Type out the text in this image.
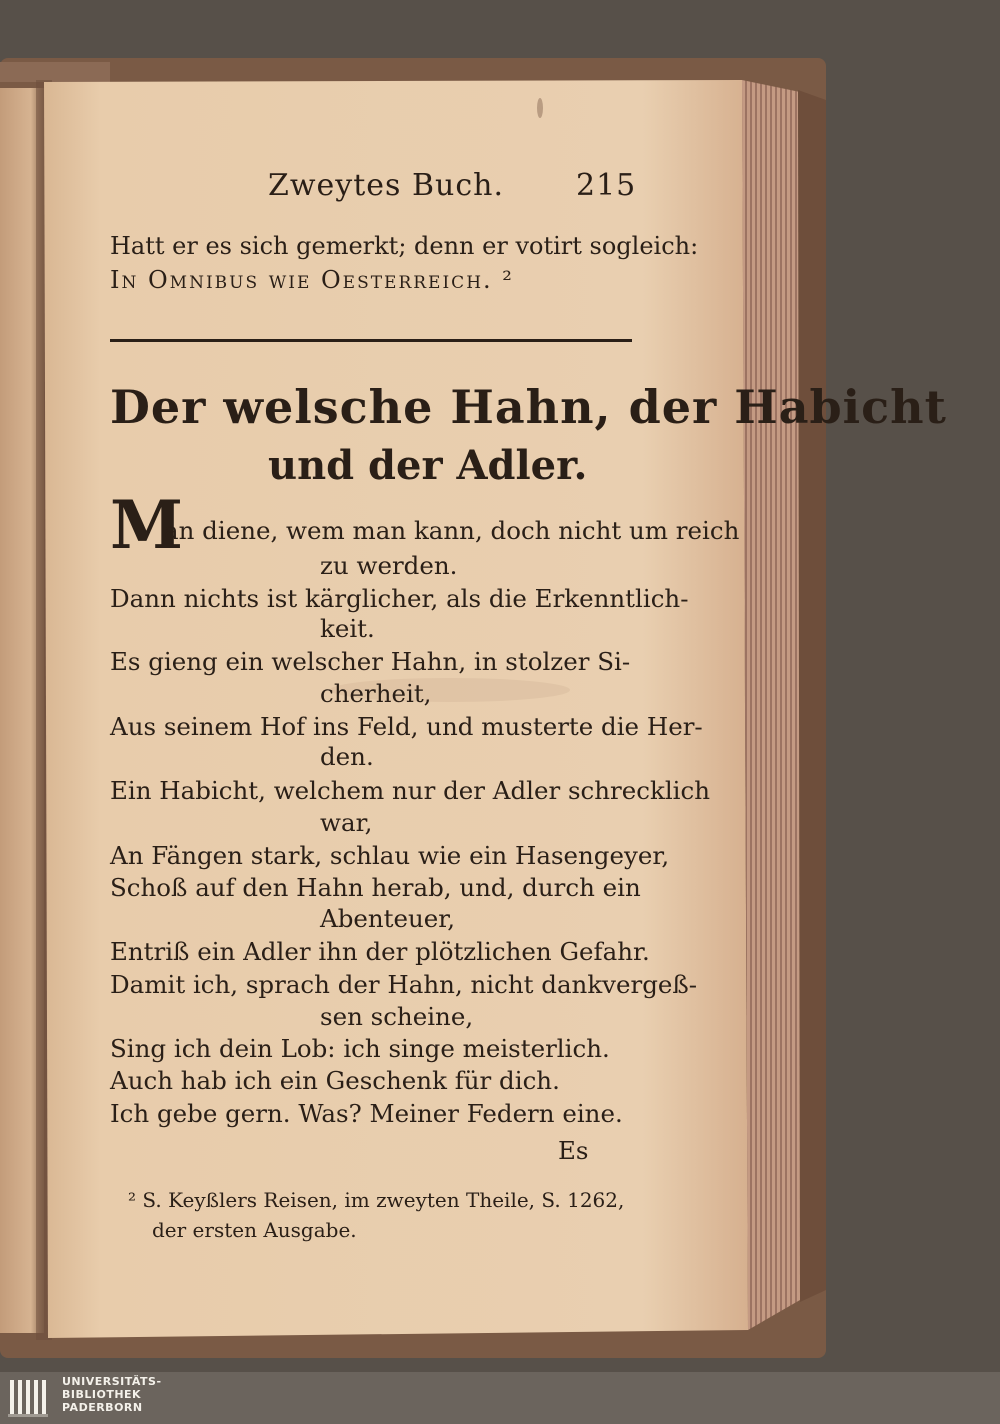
Zweytes Buch. 215
Hatt er es sich gemerkt; denn er votirt sogleich:
In Omnibus wie Oesterreich. ²
Der welsche Hahn, der Habicht
und der Adler.
M
an diene, wem man kann, doch nicht um reich
zu werden.
Dann nichts ist kärglicher, als die Erkenntlich-
keit.
Es gieng ein welscher Hahn, in stolzer Si-
cherheit,
Aus seinem Hof ins Feld, und musterte die Her-
den.
Ein Habicht, welchem nur der Adler schrecklich
war,
An Fängen stark, schlau wie ein Hasengeyer,
Schoß auf den Hahn herab, und, durch ein
Abenteuer,
Entriß ein Adler ihn der plötzlichen Gefahr.
Damit ich, sprach der Hahn, nicht dankvergeß-
sen scheine,
Sing ich dein Lob: ich singe meisterlich.
Auch hab ich ein Geschenk für dich.
Ich gebe gern. Was? Meiner Federn eine.
Es
² S. Keyßlers Reisen, im zweyten Theile, S. 1262,
der ersten Ausgabe.
UNIVERSITÄTS-
BIBLIOTHEK
PADERBORN
